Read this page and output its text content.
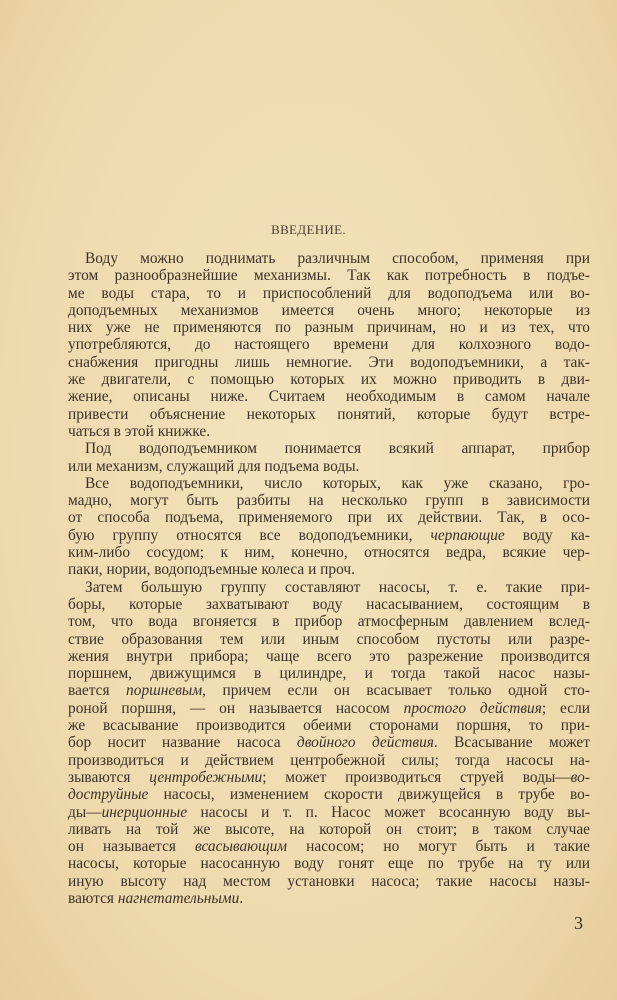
ВВЕДЕНИЕ.
Воду можно поднимать различным способом, применяя при
этом разнообразнейшие механизмы. Так как потребность в подъе-
ме воды стара, то и приспособлений для водоподъема или во-
доподъемных механизмов имеется очень много; некоторые из
них уже не применяются по разным причинам, но и из тех, что
употребляются, до настоящего времени для колхозного водо-
снабжения пригодны лишь немногие. Эти водоподъемники, а так-
же двигатели, с помощью которых их можно приводить в дви-
жение, описаны ниже. Считаем необходимым в самом начале
привести объяснение некоторых понятий, которые будут встре-
чаться в этой книжке.
Под водоподъемником понимается всякий аппарат, прибор
или механизм, служащий для подъема воды.
Все водоподъемники, число которых, как уже сказано, гро-
мадно, могут быть разбиты на несколько групп в зависимости
от способа подъема, применяемого при их действии. Так, в осо-
бую группу относятся все водоподъемники, черпающие воду ка-
ким-либо сосудом; к ним, конечно, относятся ведра, всякие чер-
паки, нории, водоподъемные колеса и проч.
Затем большую группу составляют насосы, т. е. такие при-
боры, которые захватывают воду насасыванием, состоящим в
том, что вода вгоняется в прибор атмосферным давлением вслед-
ствие образования тем или иным способом пустоты или разре-
жения внутри прибора; чаще всего это разрежение производится
поршнем, движущимся в цилиндре, и тогда такой насос назы-
вается поршневым, причем если он всасывает только одной сто-
роной поршня, — он называется насосом простого действия; если
же всасывание производится обеими сторонами поршня, то при-
бор носит название насоса двойного действия. Всасывание может
производиться и действием центробежной силы; тогда насосы на-
зываются центробежными; может производиться струей воды—во-
доструйные насосы, изменением скорости движущейся в трубе во-
ды—инерционные насосы и т. п. Насос может всосанную воду вы-
ливать на той же высоте, на которой он стоит; в таком случае
он называется всасывающим насосом; но могут быть и такие
насосы, которые насосанную воду гонят еще по трубе на ту или
иную высоту над местом установки насоса; такие насосы назы-
ваются нагнетательными.
3
